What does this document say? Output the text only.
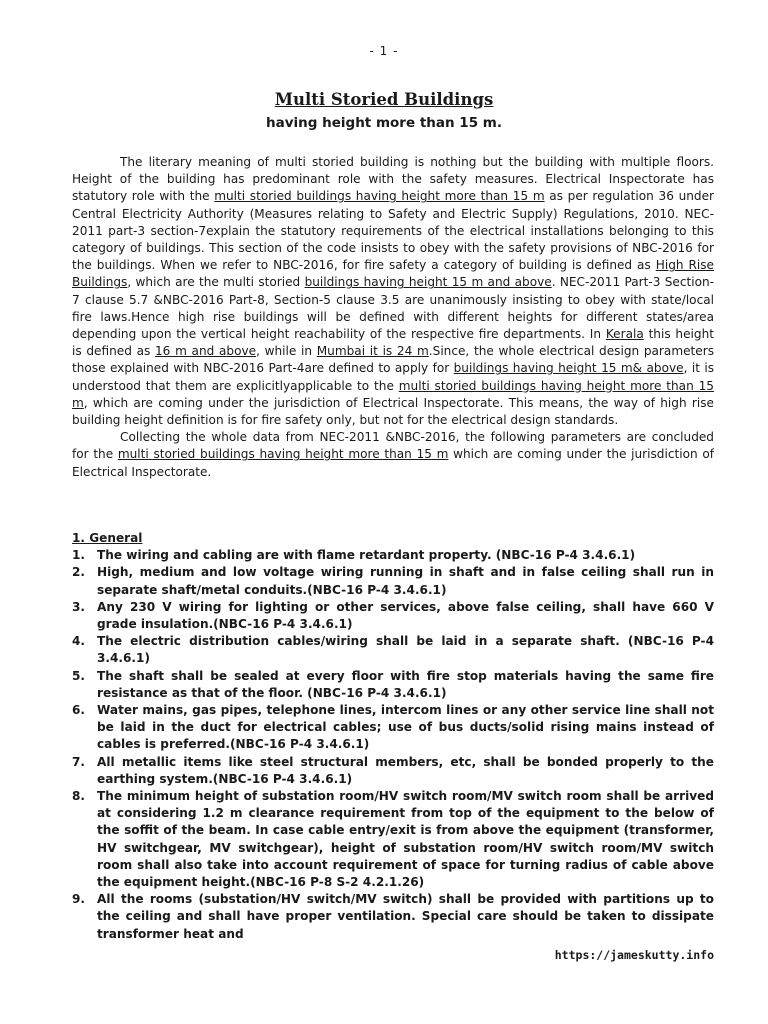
- 1 -
Multi Storied Buildings
having height more than 15 m.

The literary meaning of multi storied building is nothing but the building with multiple floors. Height of the building has predominant role with the safety measures. Electrical Inspectorate has statutory role with the multi storied buildings having height more than 15 m as per regulation 36 under Central Electricity Authority (Measures relating to Safety and Electric Supply) Regulations, 2010. NEC-2011 part-3 section-7explain the statutory requirements of the electrical installations belonging to this category of buildings. This section of the code insists to obey with the safety provisions of NBC-2016 for the buildings. When we refer to NBC-2016, for fire safety a category of building is defined as High Rise Buildings, which are the multi storied buildings having height 15 m and above. NEC-2011 Part-3 Section-7 clause 5.7 &NBC-2016 Part-8, Section-5 clause 3.5 are unanimously insisting to obey with state/local fire laws.Hence high rise buildings will be defined with different heights for different states/area depending upon the vertical height reachability of the respective fire departments. In Kerala this height is defined as 16 m and above, while in Mumbai it is 24 m.Since, the whole electrical design parameters those explained with NBC-2016 Part-4are defined to apply for buildings having height 15 m& above, it is understood that them are explicitlyapplicable to the multi storied buildings having height more than 15 m, which are coming under the jurisdiction of Electrical Inspectorate. This means, the way of high rise building height definition is for fire safety only, but not for the electrical design standards.

Collecting the whole data from NEC-2011 &NBC-2016, the following parameters are concluded for the multi storied buildings having height more than 15 m which are coming under the jurisdiction of Electrical Inspectorate.

1. General

1. The wiring and cabling are with flame retardant property. (NBC-16 P-4 3.4.6.1)
2. High, medium and low voltage wiring running in shaft and in false ceiling shall run in separate shaft/metal conduits.(NBC-16 P-4 3.4.6.1)
3. Any 230 V wiring for lighting or other services, above false ceiling, shall have 660 V grade insulation.(NBC-16 P-4 3.4.6.1)
4. The electric distribution cables/wiring shall be laid in a separate shaft. (NBC-16 P-4 3.4.6.1)
5. The shaft shall be sealed at every floor with fire stop materials having the same fire resistance as that of the floor. (NBC-16 P-4 3.4.6.1)
6. Water mains, gas pipes, telephone lines, intercom lines or any other service line shall not be laid in the duct for electrical cables; use of bus ducts/solid rising mains instead of cables is preferred.(NBC-16 P-4 3.4.6.1)
7. All metallic items like steel structural members, etc, shall be bonded properly to the earthing system.(NBC-16 P-4 3.4.6.1)
8. The minimum height of substation room/HV switch room/MV switch room shall be arrived at considering 1.2 m clearance requirement from top of the equipment to the below of the soffit of the beam. In case cable entry/exit is from above the equipment (transformer, HV switchgear, MV switchgear), height of substation room/HV switch room/MV switch room shall also take into account requirement of space for turning radius of cable above the equipment height.(NBC-16 P-8 S-2 4.2.1.26)
9. All the rooms (substation/HV switch/MV switch) shall be provided with partitions up to the ceiling and shall have proper ventilation. Special care should be taken to dissipate transformer heat and
https://jameskutty.info
